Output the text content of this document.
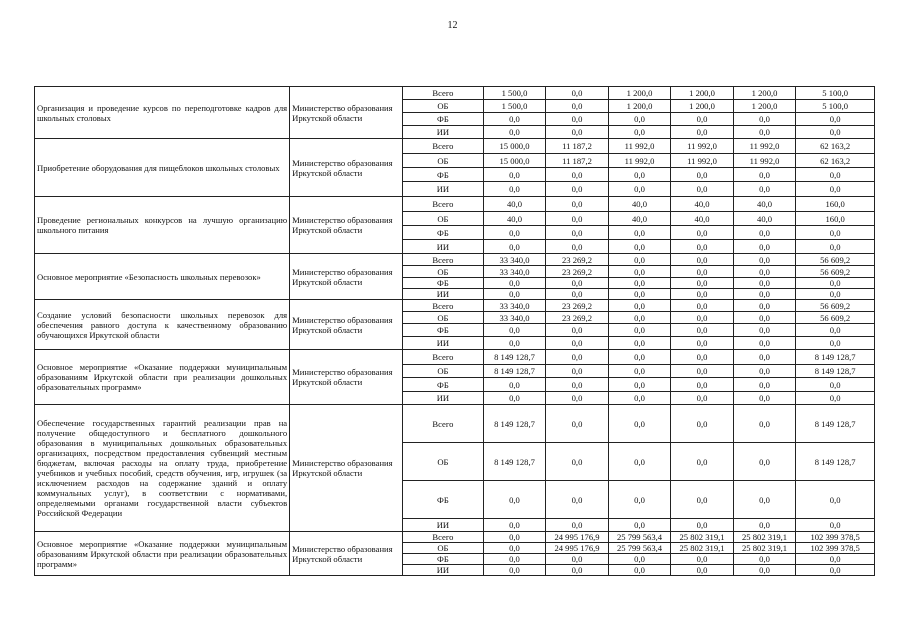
12
Организация и проведение курсов по переподготовке кадров для школьных столовых	Министерство образования Иркутской области	Всего	1 500,0	0,0	1 200,0	1 200,0	1 200,0	5 100,0
		ОБ	1 500,0	0,0	1 200,0	1 200,0	1 200,0	5 100,0
		ФБ	0,0	0,0	0,0	0,0	0,0	0,0
		ИИ	0,0	0,0	0,0	0,0	0,0	0,0
Приобретение оборудования для пищеблоков школьных столовых	Министерство образования Иркутской области	Всего	15 000,0	11 187,2	11 992,0	11 992,0	11 992,0	62 163,2
		ОБ	15 000,0	11 187,2	11 992,0	11 992,0	11 992,0	62 163,2
		ФБ	0,0	0,0	0,0	0,0	0,0	0,0
		ИИ	0,0	0,0	0,0	0,0	0,0	0,0
Проведение региональных конкурсов на лучшую организацию школьного питания	Министерство образования Иркутской области	Всего	40,0	0,0	40,0	40,0	40,0	160,0
		ОБ	40,0	0,0	40,0	40,0	40,0	160,0
		ФБ	0,0	0,0	0,0	0,0	0,0	0,0
		ИИ	0,0	0,0	0,0	0,0	0,0	0,0
Основное мероприятие «Безопасность школьных перевозок»	Министерство образования Иркутской области	Всего	33 340,0	23 269,2	0,0	0,0	0,0	56 609,2
		ОБ	33 340,0	23 269,2	0,0	0,0	0,0	56 609,2
		ФБ	0,0	0,0	0,0	0,0	0,0	0,0
		ИИ	0,0	0,0	0,0	0,0	0,0	0,0
Создание условий безопасности школьных перевозок для обеспечения равного доступа к качественному образованию обучающихся Иркутской области	Министерство образования Иркутской области	Всего	33 340,0	23 269,2	0,0	0,0	0,0	56 609,2
		ОБ	33 340,0	23 269,2	0,0	0,0	0,0	56 609,2
		ФБ	0,0	0,0	0,0	0,0	0,0	0,0
		ИИ	0,0	0,0	0,0	0,0	0,0	0,0
Основное мероприятие «Оказание поддержки муниципальным образованиям Иркутской области при реализации дошкольных образовательных программ»	Министерство образования Иркутской области	Всего	8 149 128,7	0,0	0,0	0,0	0,0	8 149 128,7
		ОБ	8 149 128,7	0,0	0,0	0,0	0,0	8 149 128,7
		ФБ	0,0	0,0	0,0	0,0	0,0	0,0
		ИИ	0,0	0,0	0,0	0,0	0,0	0,0
Обеспечение государственных гарантий реализации прав на получение общедоступного и бесплатного дошкольного образования в муниципальных дошкольных образовательных организациях, посредством предоставления субвенций местным бюджетам, включая расходы на оплату труда, приобретение учебников и учебных пособий, средств обучения, игр, игрушек (за исключением расходов на содержание зданий и оплату коммунальных услуг), в соответствии с нормативами, определяемыми органами государственной власти субъектов Российской Федерации	Министерство образования Иркутской области	Всего	8 149 128,7	0,0	0,0	0,0	0,0	8 149 128,7
		ОБ	8 149 128,7	0,0	0,0	0,0	0,0	8 149 128,7
		ФБ	0,0	0,0	0,0	0,0	0,0	0,0
		ИИ	0,0	0,0	0,0	0,0	0,0	0,0
Основное мероприятие «Оказание поддержки муниципальным образованиям Иркутской области при реализации образовательных программ»	Министерство образования Иркутской области	Всего	0,0	24 995 176,9	25 799 563,4	25 802 319,1	25 802 319,1	102 399 378,5
		ОБ	0,0	24 995 176,9	25 799 563,4	25 802 319,1	25 802 319,1	102 399 378,5
		ФБ	0,0	0,0	0,0	0,0	0,0	0,0
		ИИ	0,0	0,0	0,0	0,0	0,0	0,0
